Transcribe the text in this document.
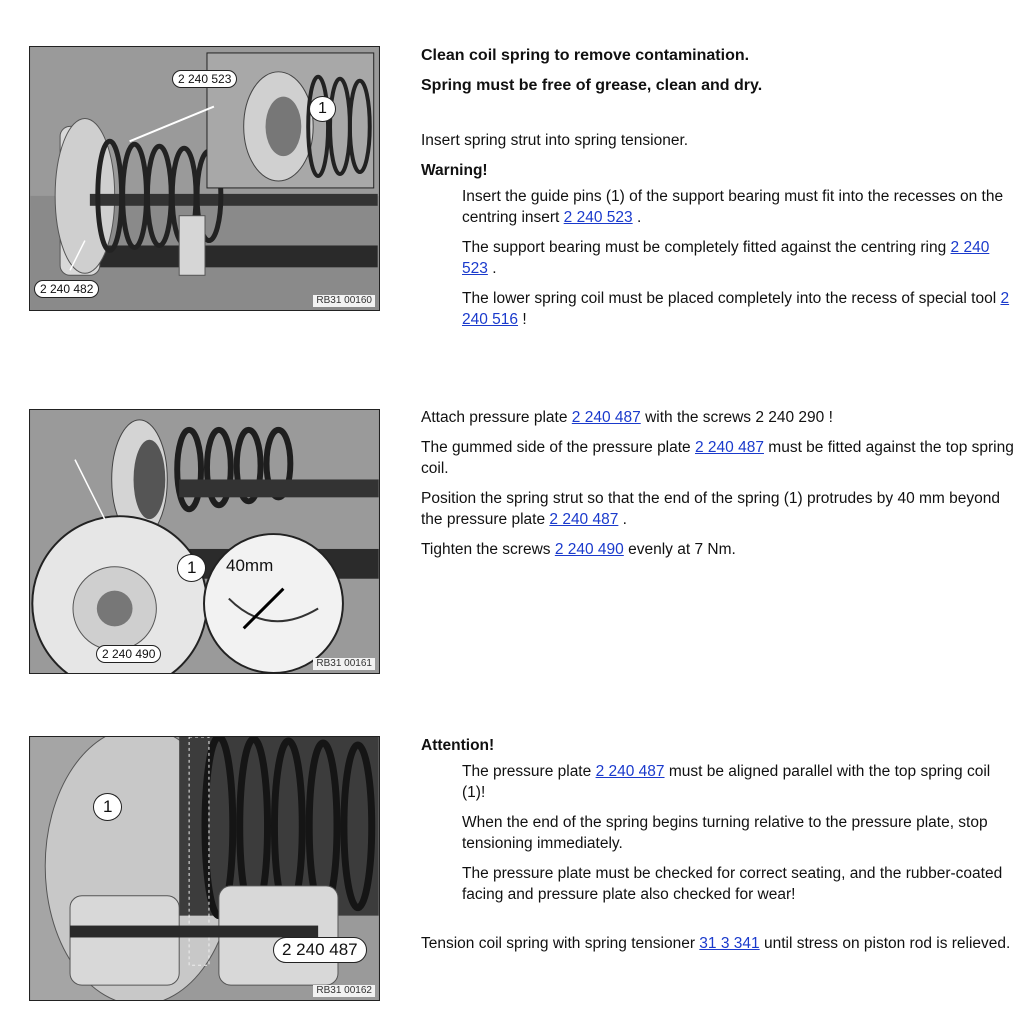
2 240 523
1
2 240 482
RB31 00160
1	40mm
2 240 490
RB31 00161
1
2 240 487
RB31 00162

Clean coil spring to remove contamination.

Spring must be free of grease, clean and dry.

Insert spring strut into spring tensioner.

Warning!

Insert the guide pins (1) of the support bearing must fit into the recesses on the centring insert 2 240 523 .

The support bearing must be completely fitted against the centring ring 2 240 523 .

The lower spring coil must be placed completely into the recess of special tool 2 240 516 !

Attach pressure plate 2 240 487 with the screws 2 240 290 !

The gummed side of the pressure plate 2 240 487 must be fitted against the top spring coil.

Position the spring strut so that the end of the spring (1) protrudes by 40 mm beyond the pressure plate 2 240 487 .

Tighten the screws 2 240 490 evenly at 7 Nm.

Attention!

The pressure plate 2 240 487 must be aligned parallel with the top spring coil (1)!

When the end of the spring begins turning relative to the pressure plate, stop tensioning immediately.

The pressure plate must be checked for correct seating, and the rubber-coated facing and pressure plate also checked for wear!

Tension coil spring with spring tensioner 31 3 341 until stress on piston rod is relieved.
